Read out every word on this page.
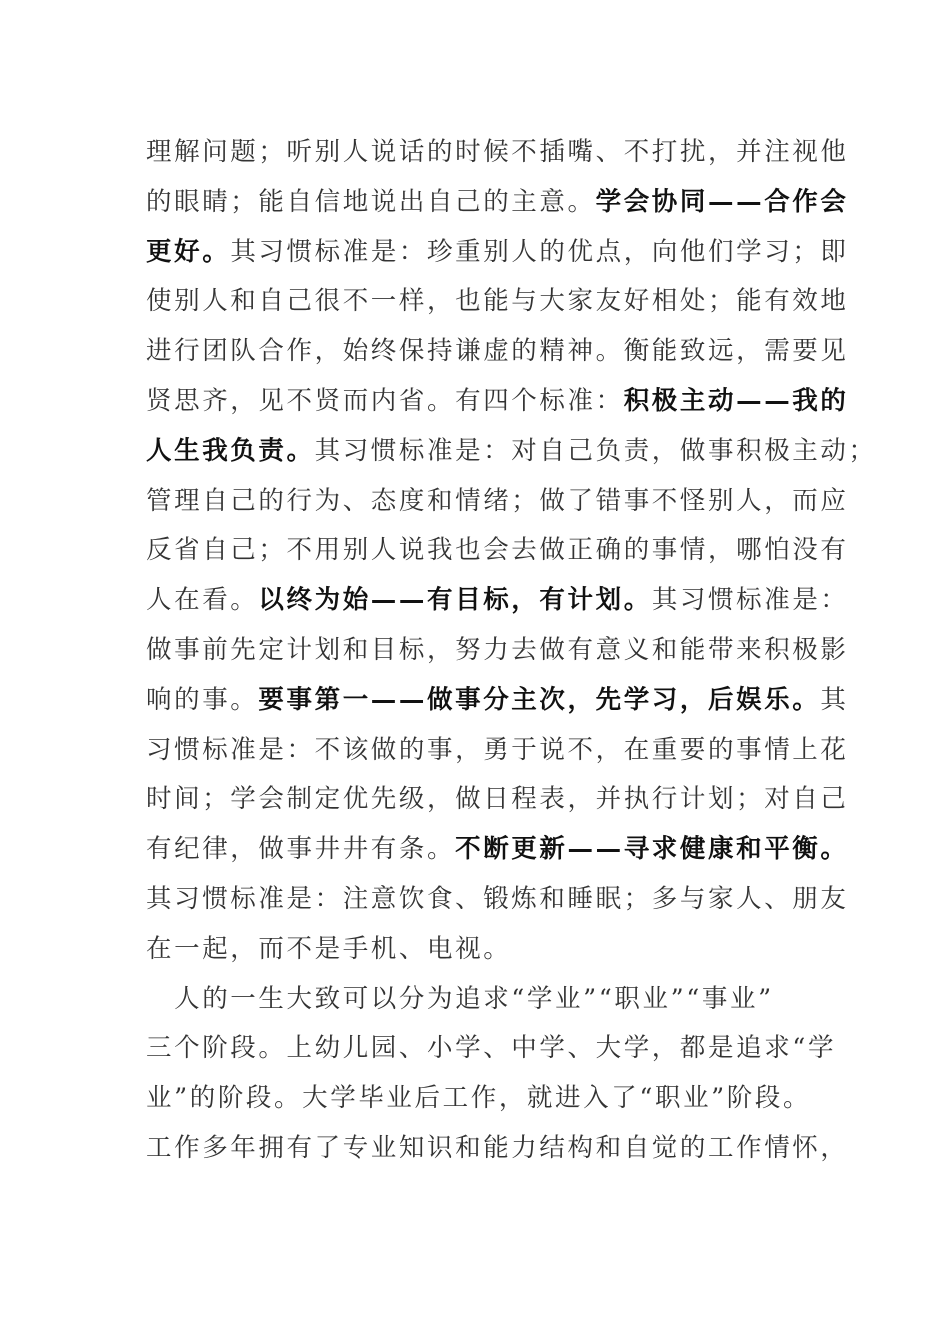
理解问题；听别人说话的时候不插嘴、不打扰，并注视他
的眼睛；能自信地说出自己的主意。学会协同——合作会
更好。其习惯标准是：珍重别人的优点，向他们学习；即
使别人和自己很不一样，也能与大家友好相处；能有效地
进行团队合作，始终保持谦虚的精神。衡能致远，需要见
贤思齐，见不贤而内省。有四个标准：积极主动——我的
人生我负责。其习惯标准是：对自己负责，做事积极主动；
管理自己的行为、态度和情绪；做了错事不怪别人，而应
反省自己；不用别人说我也会去做正确的事情，哪怕没有
人在看。以终为始——有目标，有计划。其习惯标准是：
做事前先定计划和目标，努力去做有意义和能带来积极影
响的事。要事第一——做事分主次，先学习，后娱乐。其
习惯标准是：不该做的事，勇于说不，在重要的事情上花
时间；学会制定优先级，做日程表，并执行计划；对自己
有纪律，做事井井有条。不断更新——寻求健康和平衡。
其习惯标准是：注意饮食、锻炼和睡眠；多与家人、朋友
在一起，而不是手机、电视。
　人的一生大致可以分为追求“学业”“职业”“事业”
三个阶段。上幼儿园、小学、中学、大学，都是追求“学
业”的阶段。大学毕业后工作，就进入了“职业”阶段。
工作多年拥有了专业知识和能力结构和自觉的工作情怀，
